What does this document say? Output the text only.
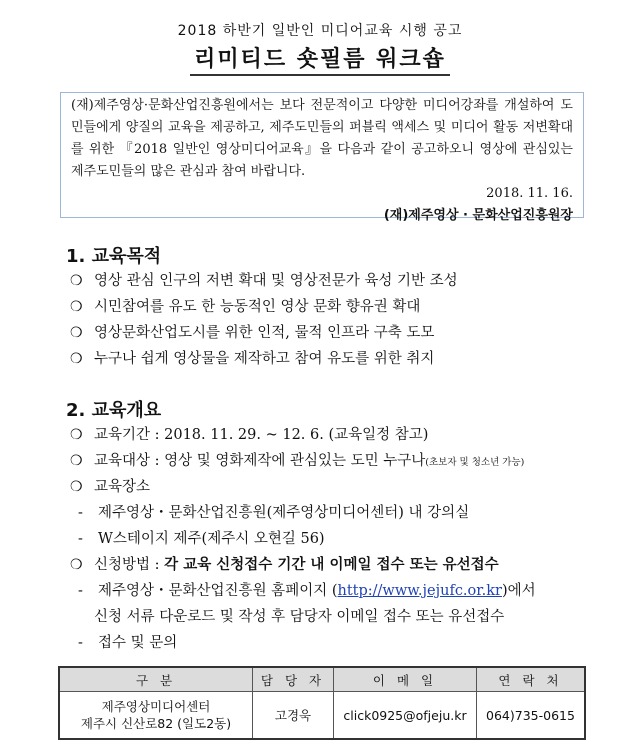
2018 하반기 일반인 미디어교육 시행 공고
리미티드 숏필름 워크숍
(재)제주영상·문화산업진흥원에서는 보다 전문적이고 다양한 미디어강좌를 개설하여 도민들에게 양질의 교육을 제공하고, 제주도민들의 퍼블릭 액세스 및 미디어 활동 저변확대를 위한 『2018 일반인 영상미디어교육』을 다음과 같이 공고하오니 영상에 관심있는 제주도민들의 많은 관심과 참여 바랍니다.
2018. 11. 16.
(재)제주영상 · 문화산업진흥원장
1. 교육목적
❍ 영상 관심 인구의 저변 확대 및 영상전문가 육성 기반 조성
❍ 시민참여를 유도 한 능동적인 영상 문화 향유권 확대
❍ 영상문화산업도시를 위한 인적, 물적 인프라 구축 도모
❍ 누구나 쉽게 영상물을 제작하고 참여 유도를 위한 취지
2. 교육개요
❍ 교육기간 : 2018. 11. 29. ~ 12. 6. (교육일정 참고)
❍ 교육대상 : 영상 및 영화제작에 관심있는 도민 누구나(초보자 및 청소년 가능)
❍ 교육장소
- 제주영상・문화산업진흥원(제주영상미디어센터) 내 강의실
- W스테이지 제주(제주시 오현길 56)
❍ 신청방법 : 각 교육 신청접수 기간 내 이메일 접수 또는 유선접수
- 제주영상・문화산업진흥원 홈페이지 (http://www.jejufc.or.kr)에서
신청 서류 다운로드 및 작성 후 담당자 이메일 접수 또는 유선접수
- 접수 및 문의
구 분	담 당 자	이 메 일	연 락 처

제주영상미디어센터
제주시 신산로82 (일도2동)	고경욱	click0925@ofjeju.kr	064)735-0615
